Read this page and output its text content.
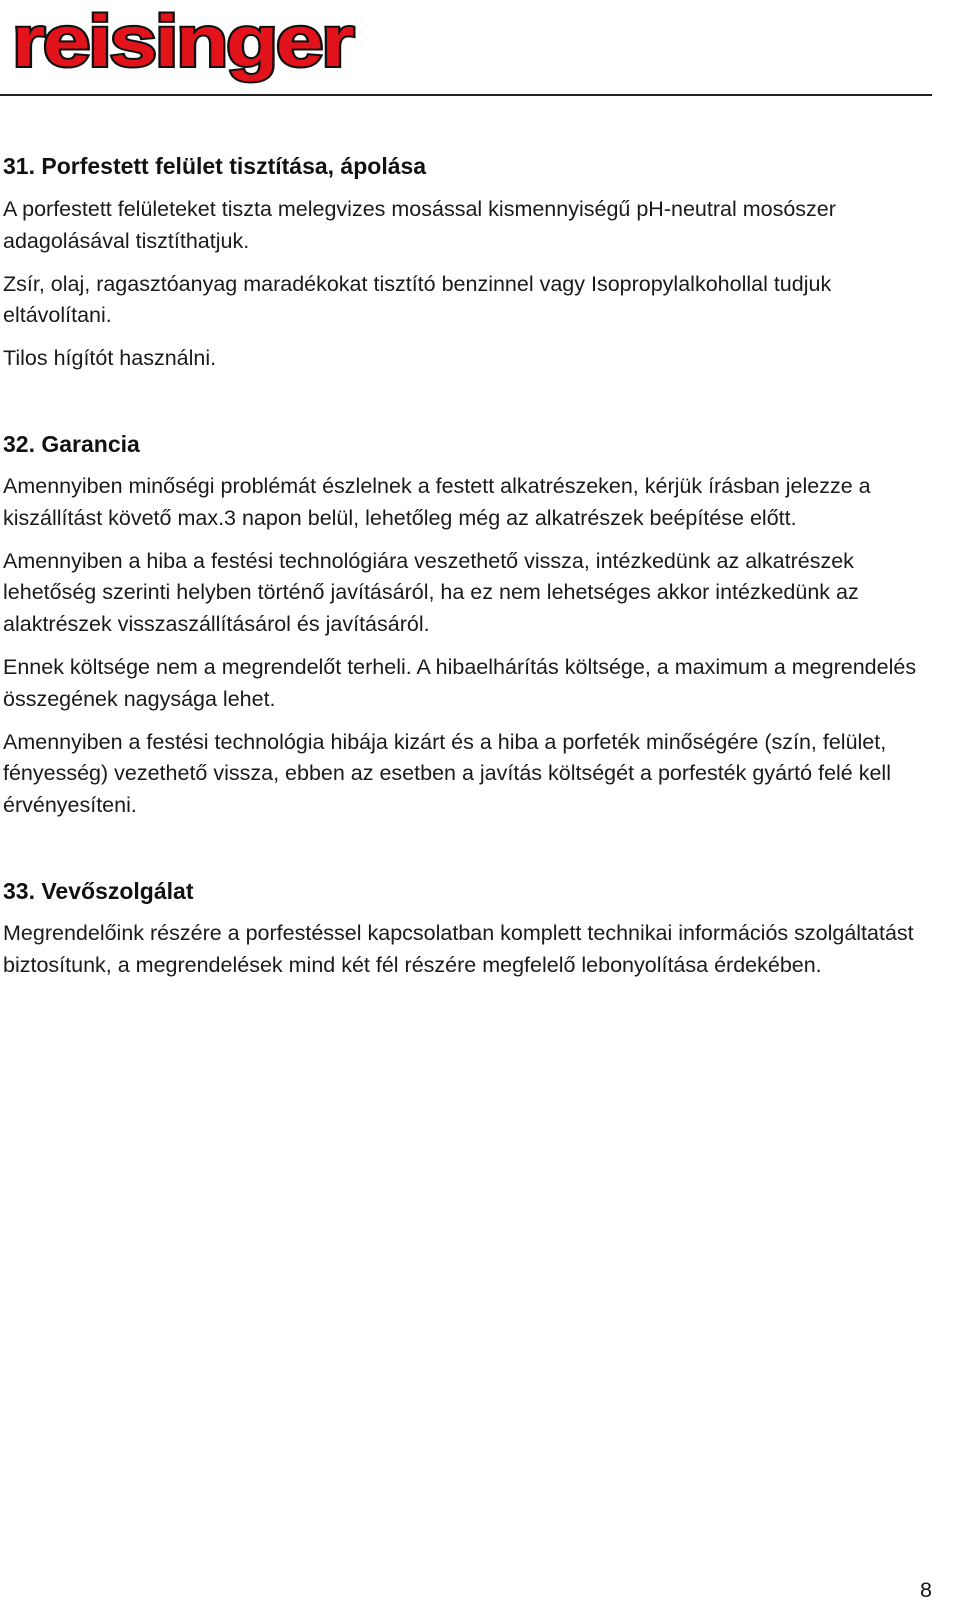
reisinger
31. Porfestett felület tisztítása, ápolása

A porfestett felületeket tiszta melegvizes mosással kismennyiségű pH-neutral mosószer adagolásával tisztíthatjuk.

Zsír, olaj, ragasztóanyag maradékokat tisztító benzinnel vagy Isopropylalkohollal tudjuk eltávolítani.

Tilos hígítót használni.

32. Garancia

Amennyiben minőségi problémát észlelnek a festett alkatrészeken, kérjük írásban jelezze a kiszállítást követő max.3 napon belül, lehetőleg még az alkatrészek beépítése előtt.

Amennyiben a hiba a festési technológiára veszethető vissza, intézkedünk az alkatrészek lehetőség szerinti helyben történő javításáról, ha ez nem lehetséges akkor intézkedünk az alaktrészek visszaszállításárol és javításáról.

Ennek költsége nem a megrendelőt terheli. A hibaelhárítás költsége, a maximum a megrendelés összegének nagysága lehet.

Amennyiben a festési technológia hibája kizárt és a hiba a porfeték minőségére (szín, felület, fényesség) vezethető vissza, ebben az esetben a javítás költségét a porfesték gyártó felé kell érvényesíteni.

33. Vevőszolgálat

Megrendelőink részére a porfestéssel kapcsolatban komplett technikai információs szolgáltatást biztosítunk, a megrendelések mind két fél részére megfelelő lebonyolítása érdekében.

8
